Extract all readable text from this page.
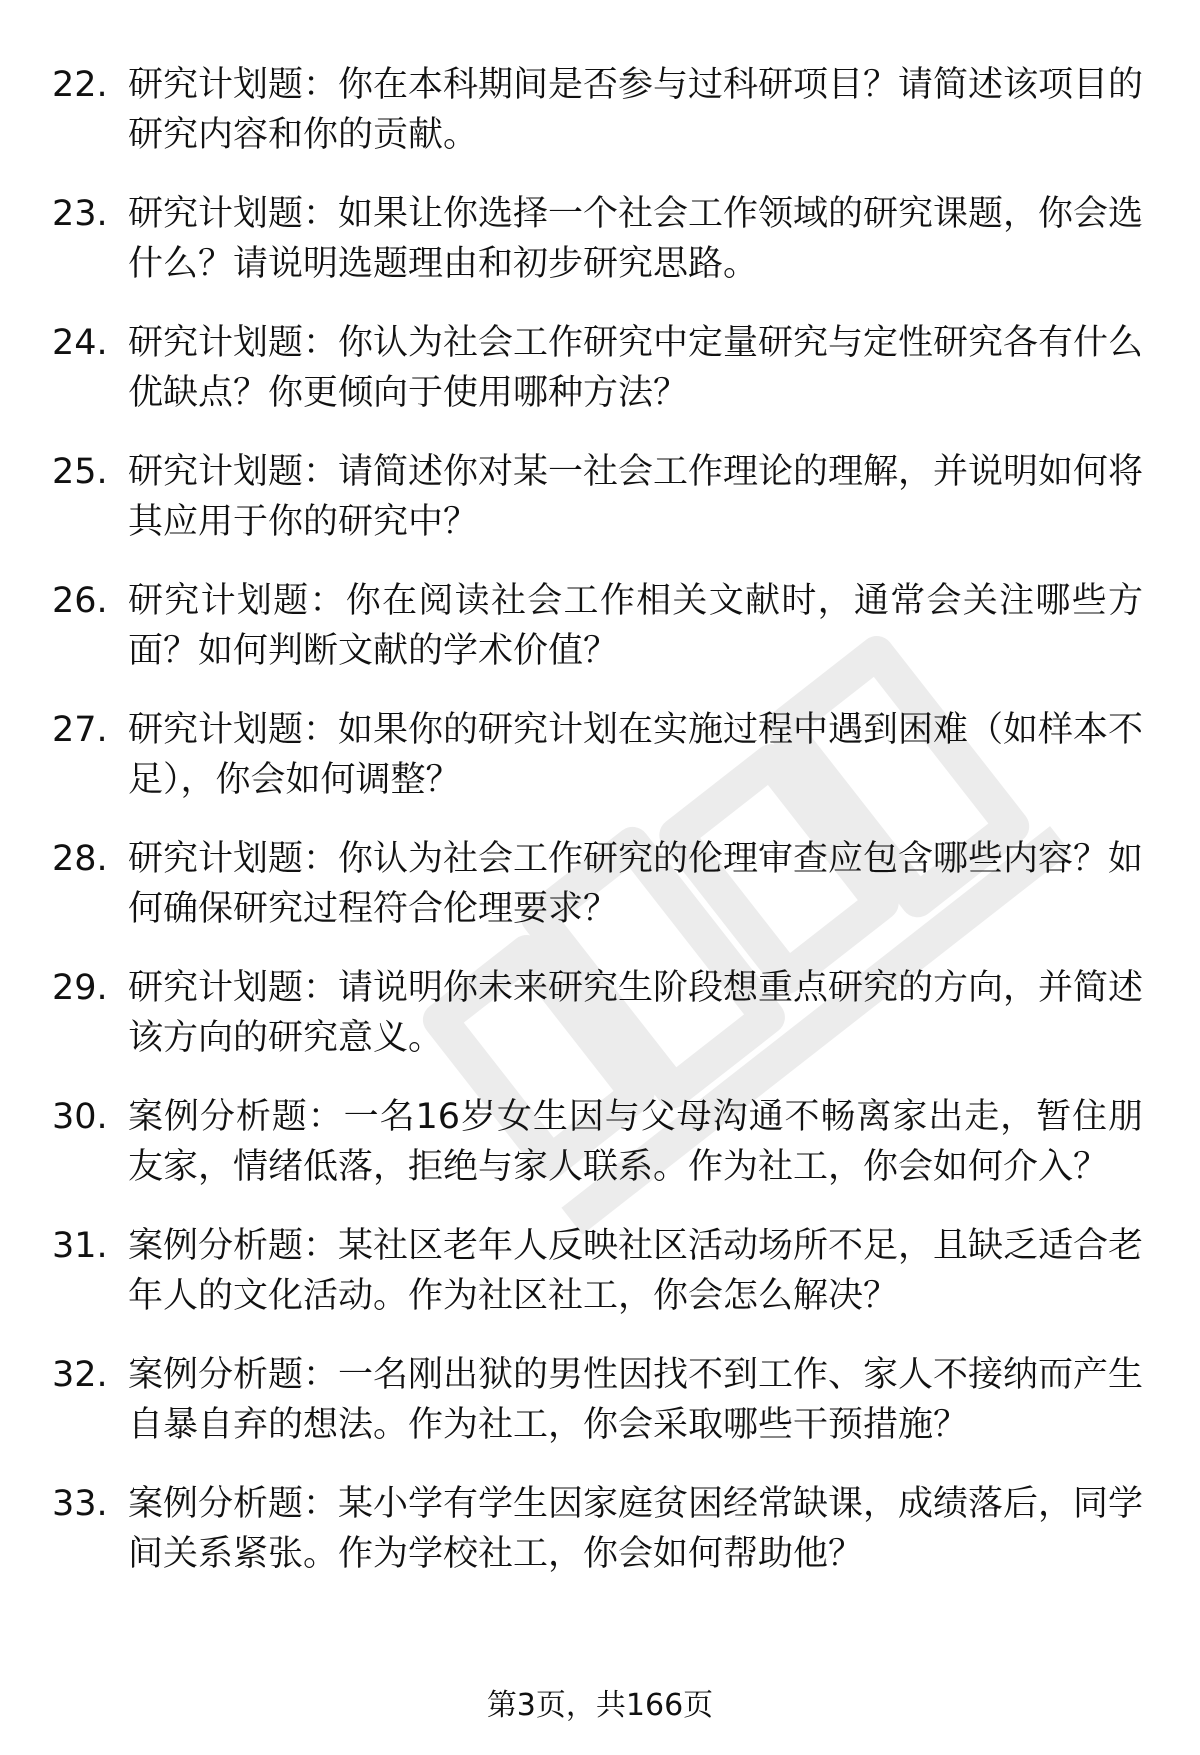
22. 研究计划题：你在本科期间是否参与过科研项目？请简述该项目的研究内容和你的贡献。
23. 研究计划题：如果让你选择一个社会工作领域的研究课题，你会选什么？请说明选题理由和初步研究思路。
24. 研究计划题：你认为社会工作研究中定量研究与定性研究各有什么优缺点？你更倾向于使用哪种方法？
25. 研究计划题：请简述你对某一社会工作理论的理解，并说明如何将其应用于你的研究中？
26. 研究计划题：你在阅读社会工作相关文献时，通常会关注哪些方面？如何判断文献的学术价值？
27. 研究计划题：如果你的研究计划在实施过程中遇到困难（如样本不足），你会如何调整？
28. 研究计划题：你认为社会工作研究的伦理审查应包含哪些内容？如何确保研究过程符合伦理要求？
29. 研究计划题：请说明你未来研究生阶段想重点研究的方向，并简述该方向的研究意义。
30. 案例分析题：一名16岁女生因与父母沟通不畅离家出走，暂住朋友家，情绪低落，拒绝与家人联系。作为社工，你会如何介入？
31. 案例分析题：某社区老年人反映社区活动场所不足，且缺乏适合老年人的文化活动。作为社区社工，你会怎么解决？
32. 案例分析题：一名刚出狱的男性因找不到工作、家人不接纳而产生自暴自弃的想法。作为社工，你会采取哪些干预措施？
33. 案例分析题：某小学有学生因家庭贫困经常缺课，成绩落后，同学间关系紧张。作为学校社工，你会如何帮助他？
第3页，共166页
